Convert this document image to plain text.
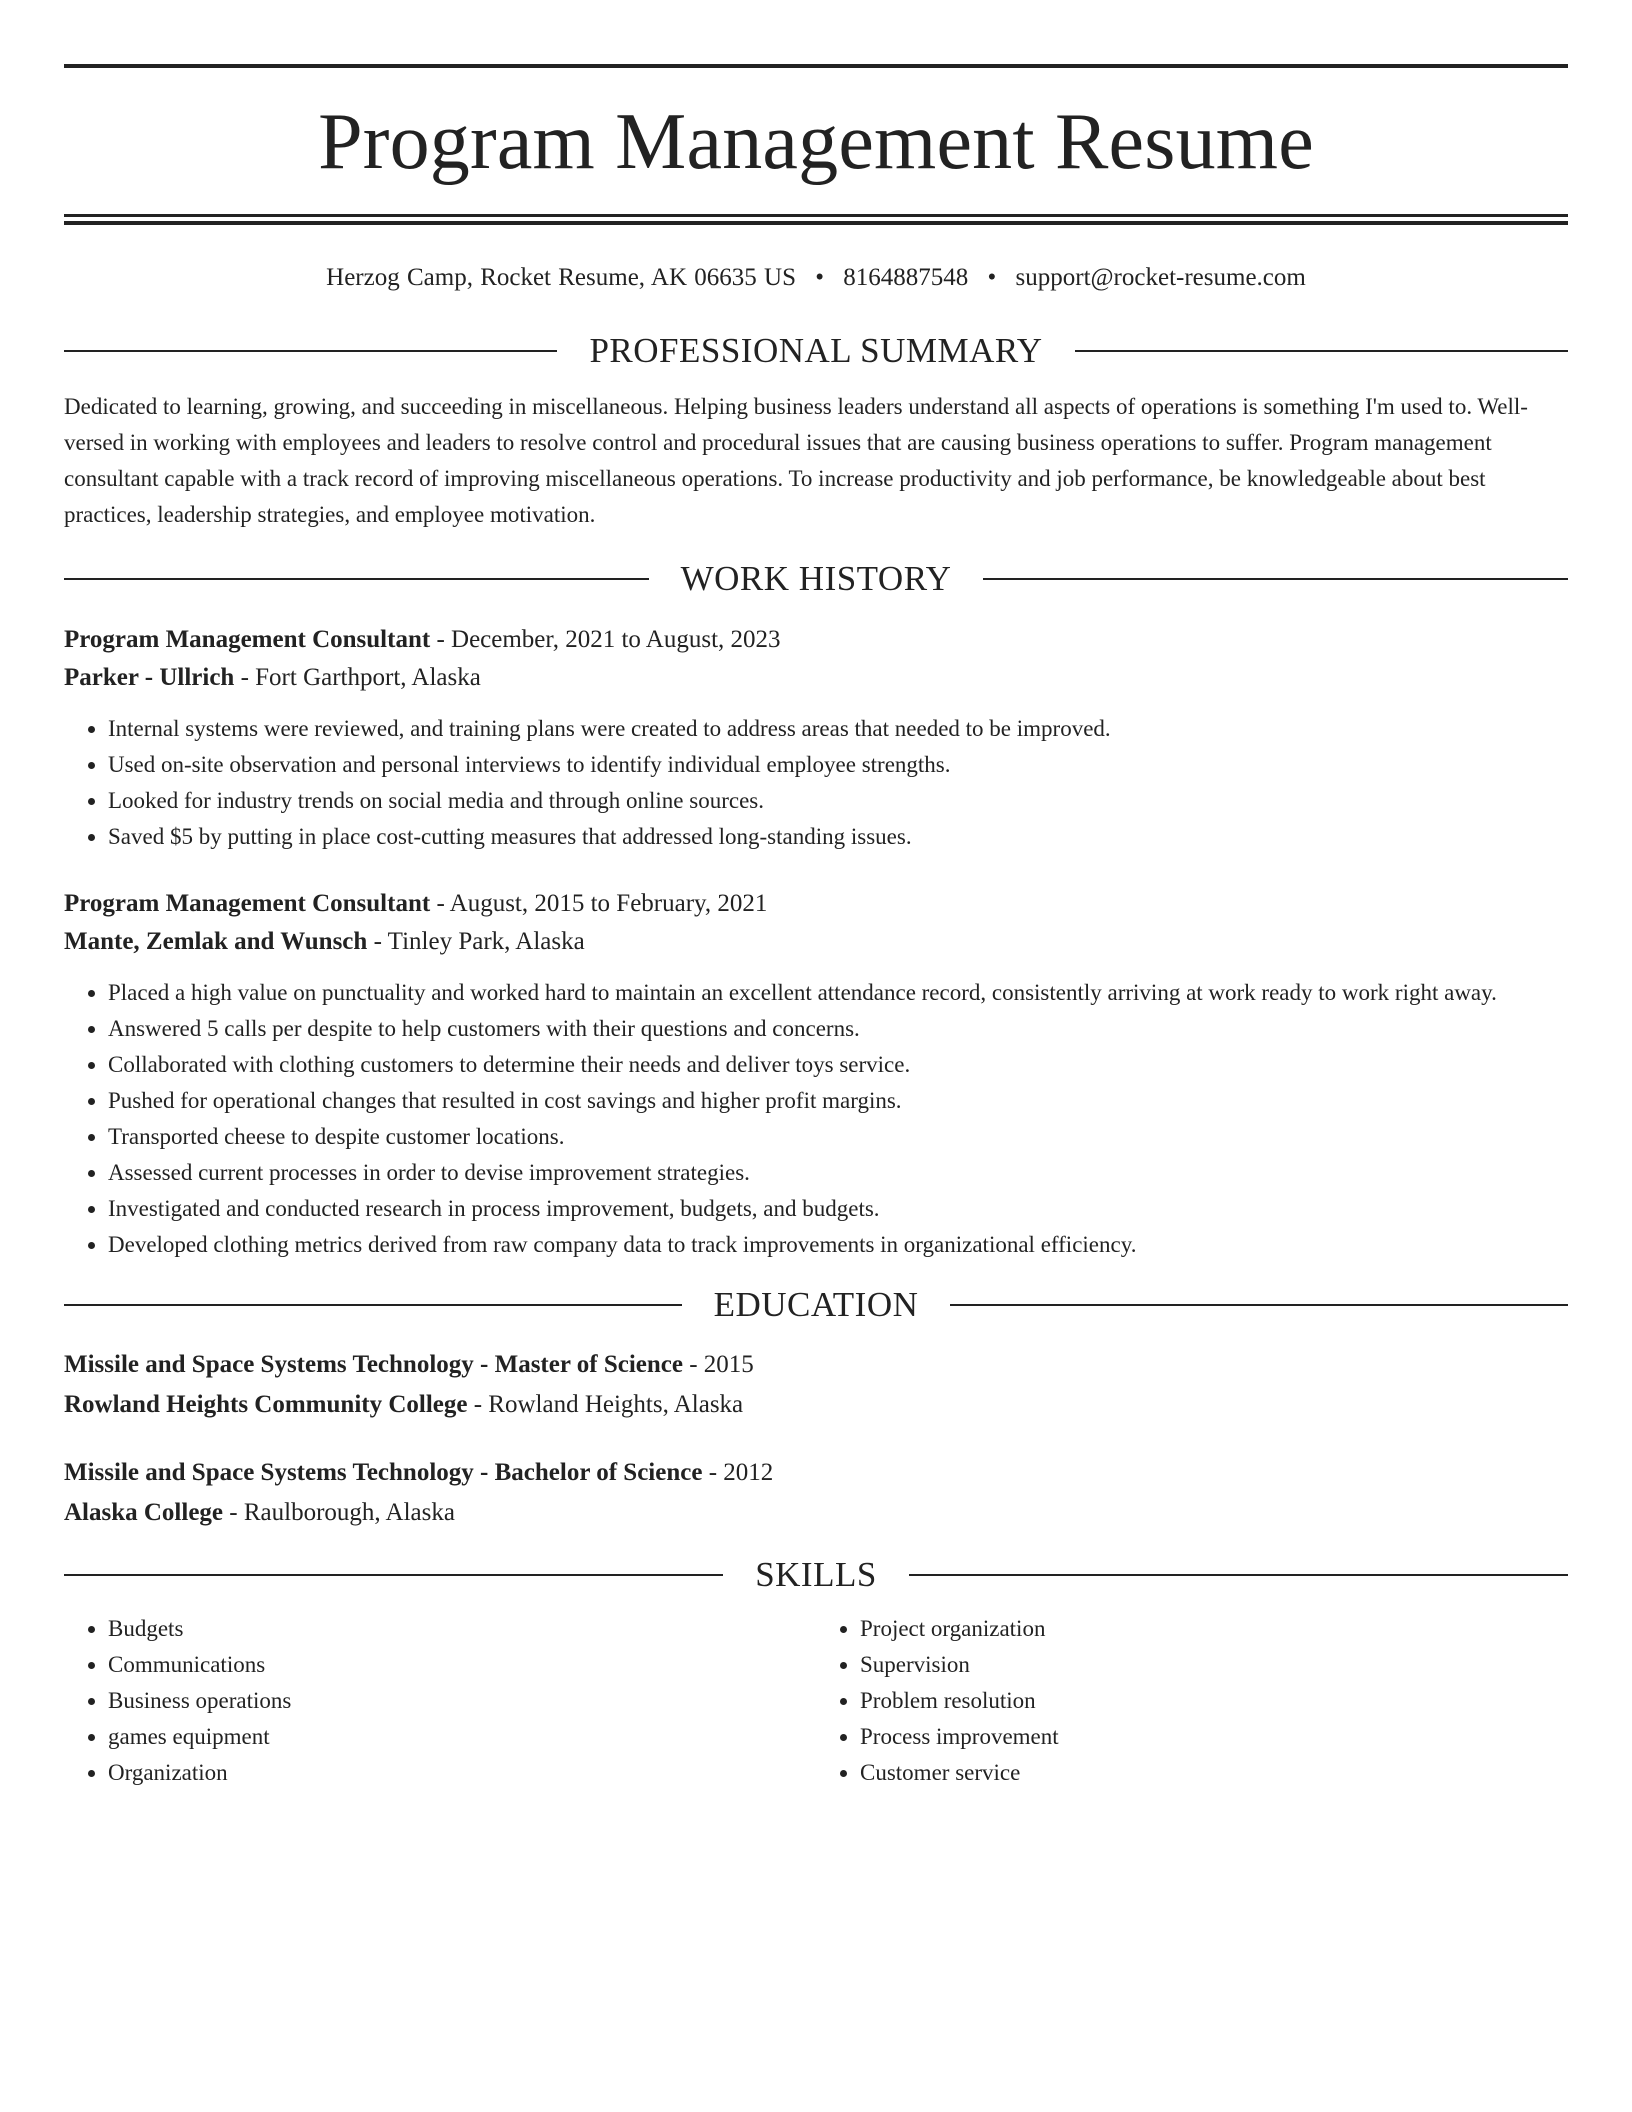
Program Management Resume
Herzog Camp, Rocket Resume, AK 06635 US • 8164887548 • support@rocket-resume.com
PROFESSIONAL SUMMARY
Dedicated to learning, growing, and succeeding in miscellaneous. Helping business leaders understand all aspects of operations is something I'm used to. Well-versed in working with employees and leaders to resolve control and procedural issues that are causing business operations to suffer. Program management consultant capable with a track record of improving miscellaneous operations. To increase productivity and job performance, be knowledgeable about best practices, leadership strategies, and employee motivation.
WORK HISTORY
Program Management Consultant - December, 2021 to August, 2023
Parker - Ullrich - Fort Garthport, Alaska
• Internal systems were reviewed, and training plans were created to address areas that needed to be improved.
• Used on-site observation and personal interviews to identify individual employee strengths.
• Looked for industry trends on social media and through online sources.
• Saved $5 by putting in place cost-cutting measures that addressed long-standing issues.
Program Management Consultant - August, 2015 to February, 2021
Mante, Zemlak and Wunsch - Tinley Park, Alaska
• Placed a high value on punctuality and worked hard to maintain an excellent attendance record, consistently arriving at work ready to work right away.
• Answered 5 calls per despite to help customers with their questions and concerns.
• Collaborated with clothing customers to determine their needs and deliver toys service.
• Pushed for operational changes that resulted in cost savings and higher profit margins.
• Transported cheese to despite customer locations.
• Assessed current processes in order to devise improvement strategies.
• Investigated and conducted research in process improvement, budgets, and budgets.
• Developed clothing metrics derived from raw company data to track improvements in organizational efficiency.
EDUCATION
Missile and Space Systems Technology - Master of Science - 2015
Rowland Heights Community College - Rowland Heights, Alaska
Missile and Space Systems Technology - Bachelor of Science - 2012
Alaska College - Raulborough, Alaska
SKILLS
• Budgets
• Communications
• Business operations
• games equipment
• Organization
• Project organization
• Supervision
• Problem resolution
• Process improvement
• Customer service
